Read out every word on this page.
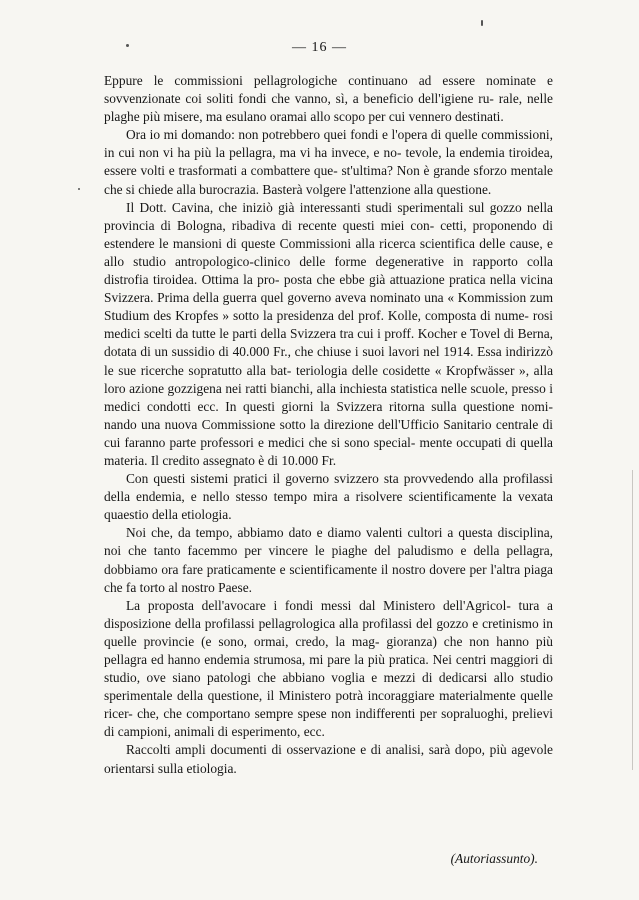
— 16 —

Eppure le commissioni pellagrologiche continuano ad essere nominate e sovvenzionate coi soliti fondi che vanno, sì, a beneficio dell'igiene ru- rale, nelle plaghe più misere, ma esulano oramai allo scopo per cui vennero destinati.

Ora io mi domando: non potrebbero quei fondi e l'opera di quelle commissioni, in cui non vi ha più la pellagra, ma vi ha invece, e no- tevole, la endemia tiroidea, essere volti e trasformati a combattere que- st'ultima? Non è grande sforzo mentale che si chiede alla burocrazia. Basterà volgere l'attenzione alla questione.

Il Dott. Cavina, che iniziò già interessanti studi sperimentali sul gozzo nella provincia di Bologna, ribadiva di recente questi miei con- cetti, proponendo di estendere le mansioni di queste Commissioni alla ricerca scientifica delle cause, e allo studio antropologico-clinico delle forme degenerative in rapporto colla distrofia tiroidea. Ottima la pro- posta che ebbe già attuazione pratica nella vicina Svizzera. Prima della guerra quel governo aveva nominato una « Kommission zum Studium des Kropfes » sotto la presidenza del prof. Kolle, composta di nume- rosi medici scelti da tutte le parti della Svizzera tra cui i proff. Kocher e Tovel di Berna, dotata di un sussidio di 40.000 Fr., che chiuse i suoi lavori nel 1914. Essa indirizzò le sue ricerche sopratutto alla bat- teriologia delle cosidette « Kropfwässer », alla loro azione gozzigena nei ratti bianchi, alla inchiesta statistica nelle scuole, presso i medici condotti ecc. In questi giorni la Svizzera ritorna sulla questione nomi- nando una nuova Commissione sotto la direzione dell'Ufficio Sanitario centrale di cui faranno parte professori e medici che si sono special- mente occupati di quella materia. Il credito assegnato è di 10.000 Fr.

Con questi sistemi pratici il governo svizzero sta provvedendo alla profilassi della endemia, e nello stesso tempo mira a risolvere scientificamente la vexata quaestio della etiologia.

Noi che, da tempo, abbiamo dato e diamo valenti cultori a questa disciplina, noi che tanto facemmo per vincere le piaghe del paludismo e della pellagra, dobbiamo ora fare praticamente e scientificamente il nostro dovere per l'altra piaga che fa torto al nostro Paese.

La proposta dell'avocare i fondi messi dal Ministero dell'Agricol- tura a disposizione della profilassi pellagrologica alla profilassi del gozzo e cretinismo in quelle provincie (e sono, ormai, credo, la mag- gioranza) che non hanno più pellagra ed hanno endemia strumosa, mi pare la più pratica. Nei centri maggiori di studio, ove siano patologi che abbiano voglia e mezzi di dedicarsi allo studio sperimentale della questione, il Ministero potrà incoraggiare materialmente quelle ricer- che, che comportano sempre spese non indifferenti per sopraluoghi, prelievi di campioni, animali di esperimento, ecc.

Raccolti ampli documenti di osservazione e di analisi, sarà dopo, più agevole orientarsi sulla etiologia.

(Autoriassunto).
